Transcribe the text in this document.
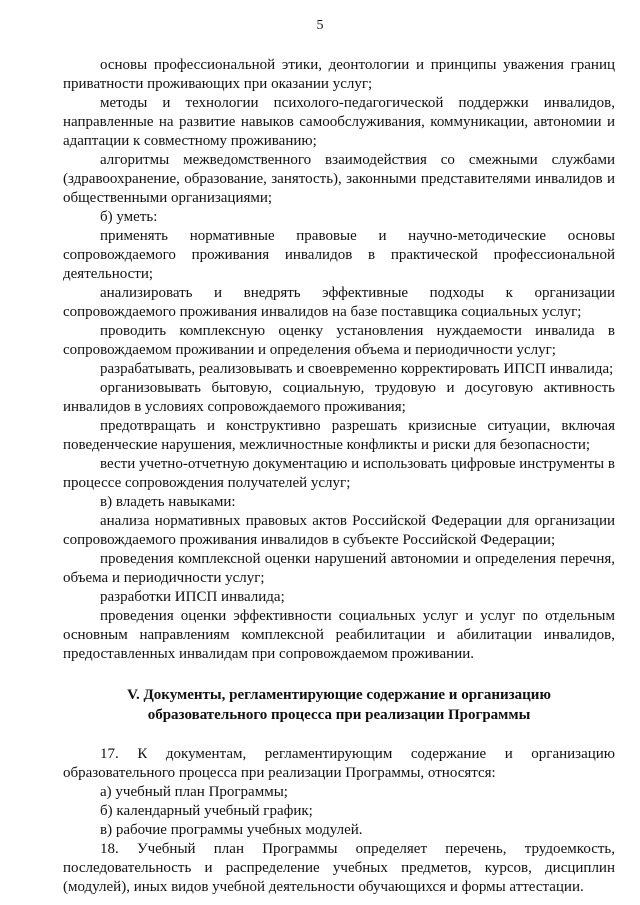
5

основы профессиональной этики, деонтологии и принципы уважения границ приватности проживающих при оказании услуг;

методы и технологии психолого-педагогической поддержки инвалидов, направленные на развитие навыков самообслуживания, коммуникации, автономии и адаптации к совместному проживанию;

алгоритмы межведомственного взаимодействия со смежными службами (здравоохранение, образование, занятость), законными представителями инвалидов и общественными организациями;

б) уметь:

применять нормативные правовые и научно-методические основы сопровождаемого проживания инвалидов в практической профессиональной деятельности;

анализировать и внедрять эффективные подходы к организации сопровождаемого проживания инвалидов на базе поставщика социальных услуг;

проводить комплексную оценку установления нуждаемости инвалида в сопровождаемом проживании и определения объема и периодичности услуг;

разрабатывать, реализовывать и своевременно корректировать ИПСП инвалида;

организовывать бытовую, социальную, трудовую и досуговую активность инвалидов в условиях сопровождаемого проживания;

предотвращать и конструктивно разрешать кризисные ситуации, включая поведенческие нарушения, межличностные конфликты и риски для безопасности;

вести учетно-отчетную документацию и использовать цифровые инструменты в процессе сопровождения получателей услуг;

в) владеть навыками:

анализа нормативных правовых актов Российской Федерации для организации сопровождаемого проживания инвалидов в субъекте Российской Федерации;

проведения комплексной оценки нарушений автономии и определения перечня, объема и периодичности услуг;

разработки ИПСП инвалида;

проведения оценки эффективности социальных услуг и услуг по отдельным основным направлениям комплексной реабилитации и абилитации инвалидов, предоставленных инвалидам при сопровождаемом проживании.

V. Документы, регламентирующие содержание и организацию
образовательного процесса при реализации Программы

17. К документам, регламентирующим содержание и организацию образовательного процесса при реализации Программы, относятся:

а) учебный план Программы;

б) календарный учебный график;

в) рабочие программы учебных модулей.

18. Учебный план Программы определяет перечень, трудоемкость, последовательность и распределение учебных предметов, курсов, дисциплин (модулей), иных видов учебной деятельности обучающихся и формы аттестации.
